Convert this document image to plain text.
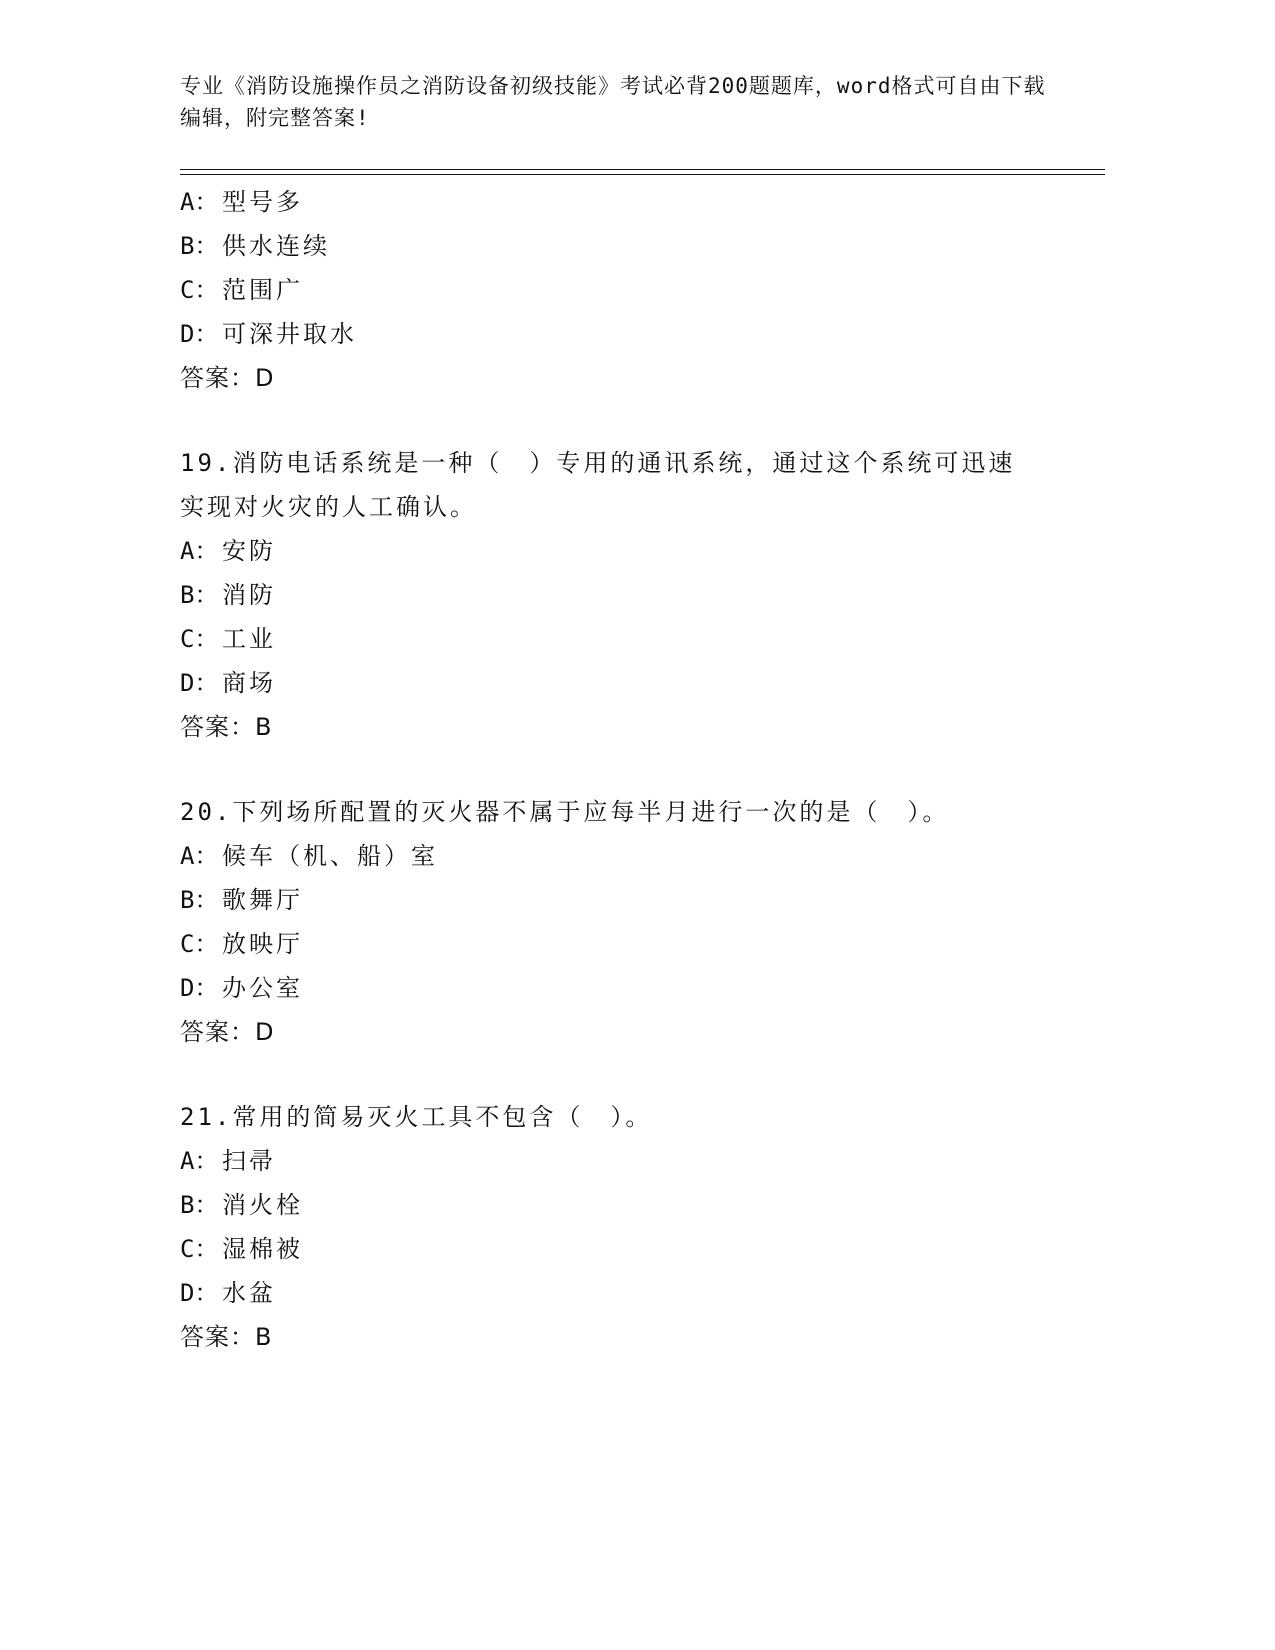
专业《消防设施操作员之消防设备初级技能》考试必背200题题库，word格式可自由下载编辑，附完整答案!
A： 型号多
B： 供水连续
C： 范围广
D： 可深井取水
答案：D
19.消防电话系统是一种（　）专用的通讯系统，通过这个系统可迅速实现对火灾的人工确认。
A： 安防
B： 消防
C： 工业
D： 商场
答案：B
20.下列场所配置的灭火器不属于应每半月进行一次的是（　）。
A： 候车（机、船）室
B： 歌舞厅
C： 放映厅
D： 办公室
答案：D
21.常用的简易灭火工具不包含（　）。
A： 扫帚
B： 消火栓
C： 湿棉被
D： 水盆
答案：B
